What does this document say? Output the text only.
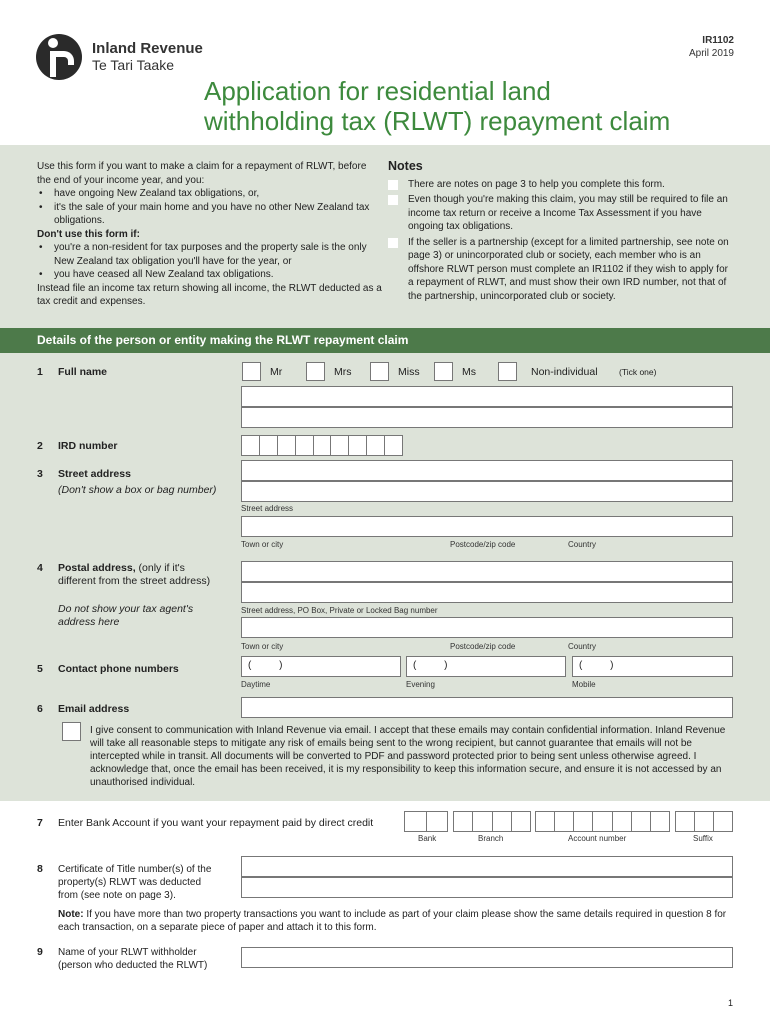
Inland Revenue
Te Tari Taake
IR1102
April 2019
Application for residential land
withholding tax (RLWT) repayment claim
Use this form if you want to make a claim for a repayment of RLWT, before the end of your income year, and you:
• have ongoing New Zealand tax obligations, or,
• it's the sale of your main home and you have no other New Zealand tax obligations.
Don't use this form if:
• you're a non-resident for tax purposes and the property sale is the only New Zealand tax obligation you'll have for the year, or
• you have ceased all New Zealand tax obligations.
Instead file an income tax return showing all income, the RLWT deducted as a tax credit and expenses.
Notes
There are notes on page 3 to help you complete this form.
Even though you're making this claim, you may still be required to file an income tax return or receive a Income Tax Assessment if you have ongoing tax obligations.
If the seller is a partnership (except for a limited partnership, see note on page 3) or unincorporated club or society, each member who is an offshore RLWT person must complete an IR1102 if they wish to apply for a repayment of RLWT, and must show their own IRD number, not that of the partnership, unincorporated club or society.
Details of the person or entity making the RLWT repayment claim
1 Full name	Mr	Mrs	Miss	Ms	Non-individual	(Tick one)
2 IRD number
3 Street address
(Don't show a box or bag number)
Street address
Town or city	Postcode/zip code	Country
4 Postal address, (only if it's
different from the street address)
Do not show your tax agent's
address here
Street address, PO Box, Private or Locked Bag number
Town or city	Postcode/zip code	Country
5 Contact phone numbers	(          )	(          )	(          )
Daytime	Evening	Mobile
6 Email address
I give consent to communication with Inland Revenue via email. I accept that these emails may contain confidential information. Inland Revenue will take all reasonable steps to mitigate any risk of emails being sent to the wrong recipient, but cannot guarantee that emails will not be intercepted while in transit. All documents will be converted to PDF and password protected prior to being sent unless otherwise agreed. I acknowledge that, once the email has been received, it is my responsibility to keep this information secure, and ensure it is not accessed by an unauthorised individual.
7 Enter Bank Account if you want your repayment paid by direct credit
Bank	Branch	Account number	Suffix
8 Certificate of Title number(s) of the
property(s) RLWT was deducted
from (see note on page 3).
Note: If you have more than two property transactions you want to include as part of your claim please show the same details required in question 8 for each transaction, on a separate piece of paper and attach it to this form.
9 Name of your RLWT withholder
(person who deducted the RLWT)
1
